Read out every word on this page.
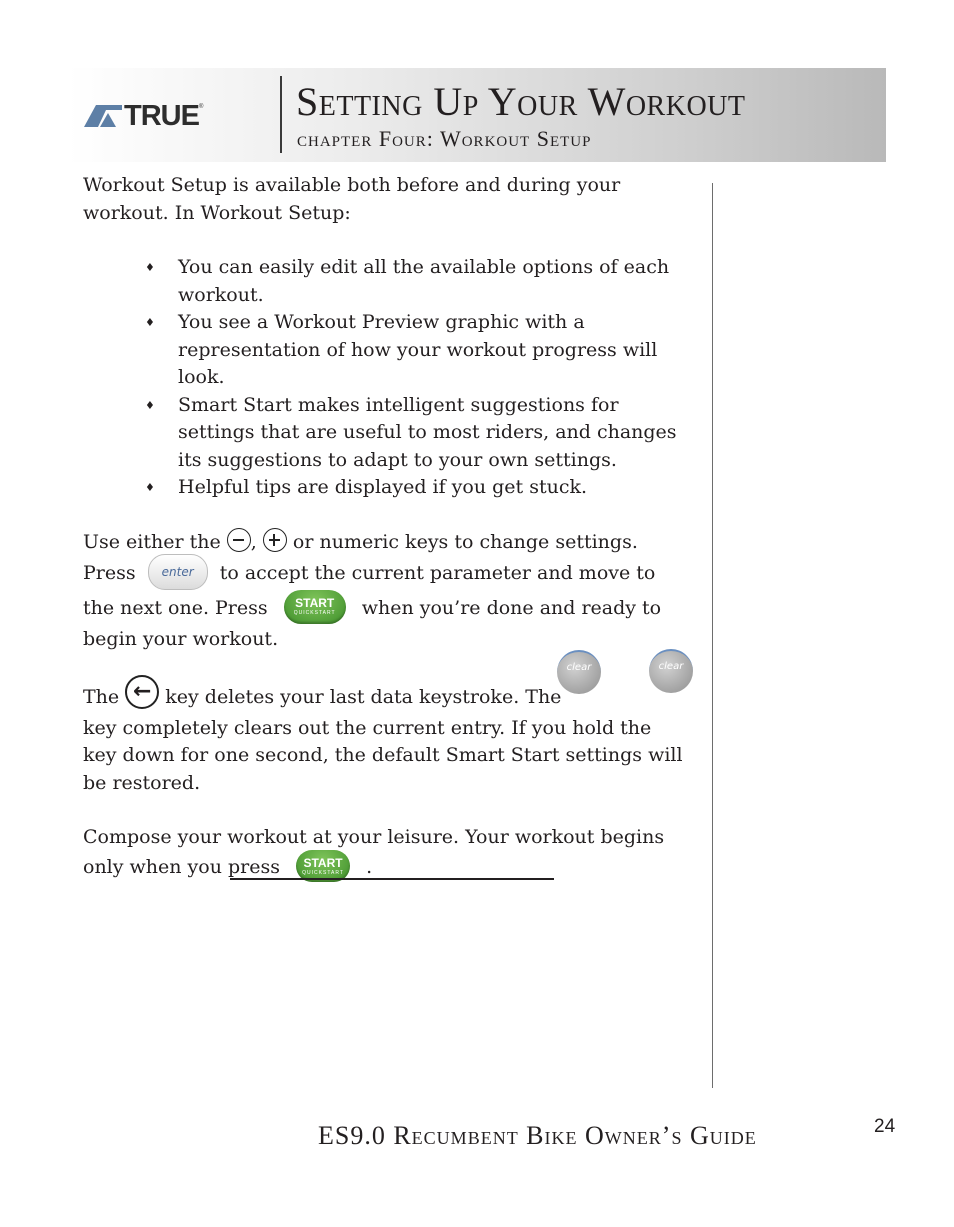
TRUE ® Setting Up Your Workout
chapter Four: Workout Setup

Workout Setup is available both before and during your workout. In Workout Setup:

♦ You can easily edit all the available options of each workout.
♦ You see a Workout Preview graphic with a representation of how your workout progress will look.
♦ Smart Start makes intelligent suggestions for settings that are useful to most riders, and changes its suggestions to adapt to your own settings.
♦ Helpful tips are displayed if you get stuck.

Use either the , or numeric keys to change settings.
Press enter to accept the current parameter and move to the next one. Press	START
QUICKSTART	when you’re done and ready to begin your workout.

The ← key deletes your last data keystroke. The
key completely clears out the current entry. If you hold the
key down for one second, the default Smart Start settings will be restored.
clear	clear

Compose your workout at your leisure. Your workout begins only when you press	START
QUICKSTART	.

ES9.0 Recumbent Bike Owner’s Guide	24
